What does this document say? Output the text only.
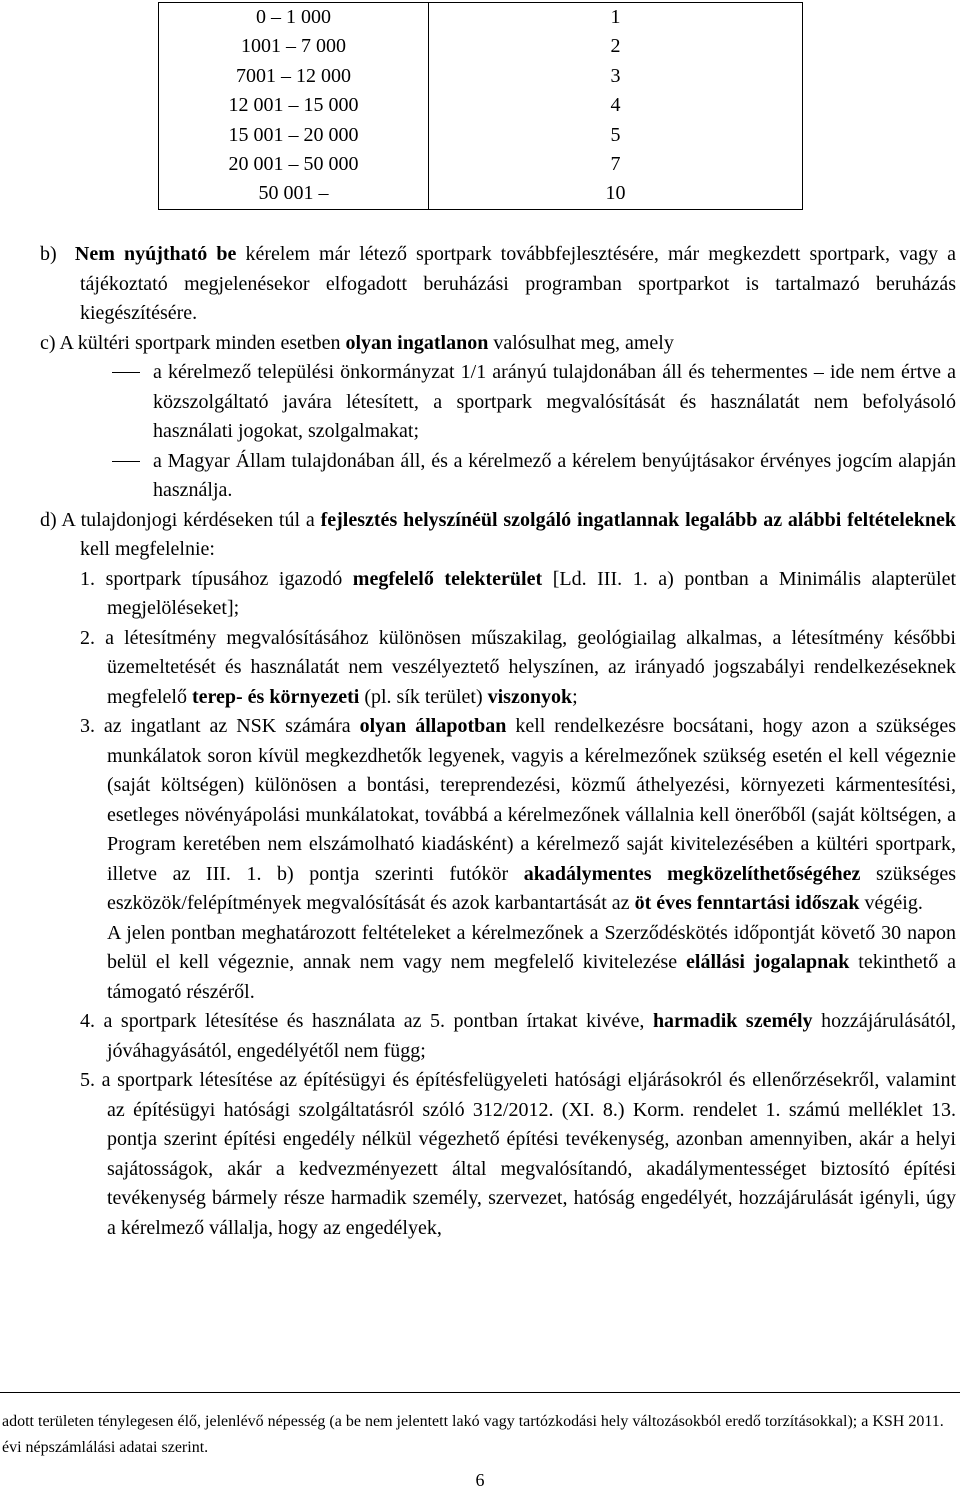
0 – 1 000	1
1001 – 7 000	2
7001 – 12 000	3
12 001 – 15 000	4
15 001 – 20 000	5
20 001 – 50 000	7
50 001 –	10

b) Nem nyújtható be kérelem már létező sportpark továbbfejlesztésére, már megkezdett sportpark, vagy a tájékoztató megjelenésekor elfogadott beruházási programban sportparkot is tartalmazó beruházás kiegészítésére.

c) A kültéri sportpark minden esetben olyan ingatlanon valósulhat meg, amely

a kérelmező települési önkormányzat 1/1 arányú tulajdonában áll és tehermentes – ide nem értve a közszolgáltató javára létesített, a sportpark megvalósítását és használatát nem befolyásoló használati jogokat, szolgalmakat;

a Magyar Állam tulajdonában áll, és a kérelmező a kérelem benyújtásakor érvényes jogcím alapján használja.

d) A tulajdonjogi kérdéseken túl a fejlesztés helyszínéül szolgáló ingatlannak legalább az alábbi feltételeknek kell megfelelnie:

1. sportpark típusához igazodó megfelelő telekterület [Ld. III. 1. a) pontban a Minimális alapterület megjelöléseket];

2. a létesítmény megvalósításához különösen műszakilag, geológiailag alkalmas, a létesítmény későbbi üzemeltetését és használatát nem veszélyeztető helyszínen, az irányadó jogszabályi rendelkezéseknek megfelelő terep- és környezeti (pl. sík terület) viszonyok;

3. az ingatlant az NSK számára olyan állapotban kell rendelkezésre bocsátani, hogy azon a szükséges munkálatok soron kívül megkezdhetők legyenek, vagyis a kérelmezőnek szükség esetén el kell végeznie (saját költségen) különösen a bontási, tereprendezési, közmű áthelyezési, környezeti kármentesítési, esetleges növényápolási munkálatokat, továbbá a kérelmezőnek vállalnia kell önerőből (saját költségen, a Program keretében nem elszámolható kiadásként) a kérelmező saját kivitelezésében a kültéri sportpark, illetve az III. 1. b) pontja szerinti futókör akadálymentes megközelíthetőségéhez szükséges eszközök/felépítmények megvalósítását és azok karbantartását az öt éves fenntartási időszak végéig.

A jelen pontban meghatározott feltételeket a kérelmezőnek a Szerződéskötés időpontját követő 30 napon belül el kell végeznie, annak nem vagy nem megfelelő kivitelezése elállási jogalapnak tekinthető a támogató részéről.

4. a sportpark létesítése és használata az 5. pontban írtakat kivéve, harmadik személy hozzájárulásától, jóváhagyásától, engedélyétől nem függ;

5. a sportpark létesítése az építésügyi és építésfelügyeleti hatósági eljárásokról és ellenőrzésekről, valamint az építésügyi hatósági szolgáltatásról szóló 312/2012. (XI. 8.) Korm. rendelet 1. számú melléklet 13. pontja szerint építési engedély nélkül végezhető építési tevékenység, azonban amennyiben, akár a helyi sajátosságok, akár a kedvezményezett által megvalósítandó, akadálymentességet biztosító építési tevékenység bármely része harmadik személy, szervezet, hatóság engedélyét, hozzájárulását igényli, úgy a kérelmező vállalja, hogy az engedélyek,

adott területen ténylegesen élő, jelenlévő népesség (a be nem jelentett lakó vagy tartózkodási hely változásokból eredő torzításokkal); a KSH 2011. évi népszámlálási adatai szerint.
6
